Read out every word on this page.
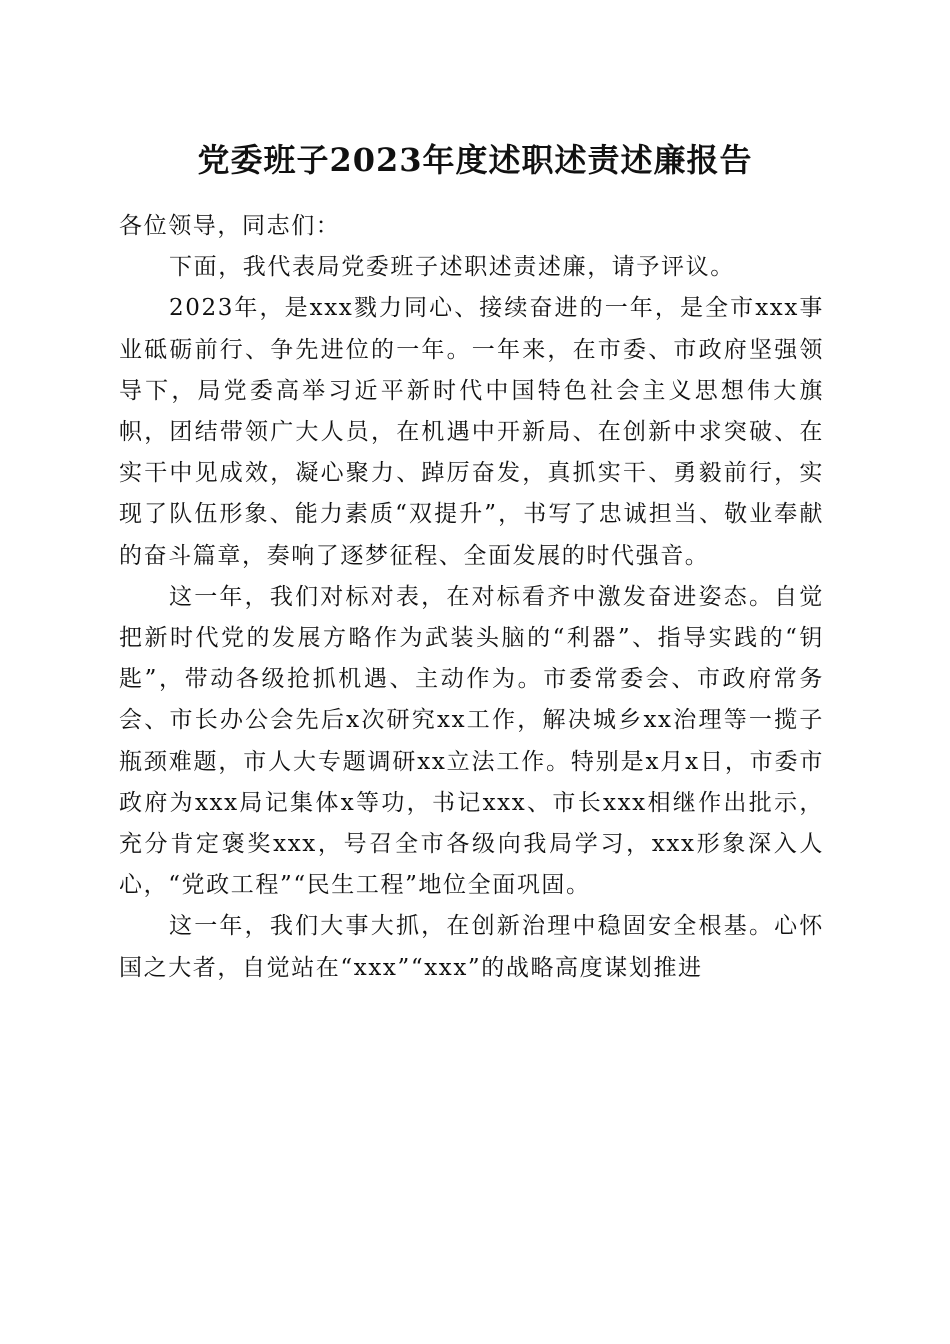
党委班子2023年度述职述责述廉报告

各位领导，同志们：

下面，我代表局党委班子述职述责述廉，请予评议。

2023年，是xxx戮力同心、接续奋进的一年，是全市xxx事业砥砺前行、争先进位的一年。一年来，在市委、市政府坚强领导下，局党委高举习近平新时代中国特色社会主义思想伟大旗帜，团结带领广大人员，在机遇中开新局、在创新中求突破、在实干中见成效，凝心聚力、踔厉奋发，真抓实干、勇毅前行，实现了队伍形象、能力素质“双提升”，书写了忠诚担当、敬业奉献的奋斗篇章，奏响了逐梦征程、全面发展的时代强音。

这一年，我们对标对表，在对标看齐中激发奋进姿态。自觉把新时代党的发展方略作为武装头脑的“利器”、指导实践的“钥匙”，带动各级抢抓机遇、主动作为。市委常委会、市政府常务会、市长办公会先后x次研究xx工作，解决城乡xx治理等一揽子瓶颈难题，市人大专题调研xx立法工作。特别是x月x日，市委市政府为xxx局记集体x等功，书记xxx、市长xxx相继作出批示，充分肯定褒奖xxx，号召全市各级向我局学习，xxx形象深入人心，“党政工程”“民生工程”地位全面巩固。

这一年，我们大事大抓，在创新治理中稳固安全根基。心怀国之大者，自觉站在“xxx”“xxx”的战略高度谋划推进
